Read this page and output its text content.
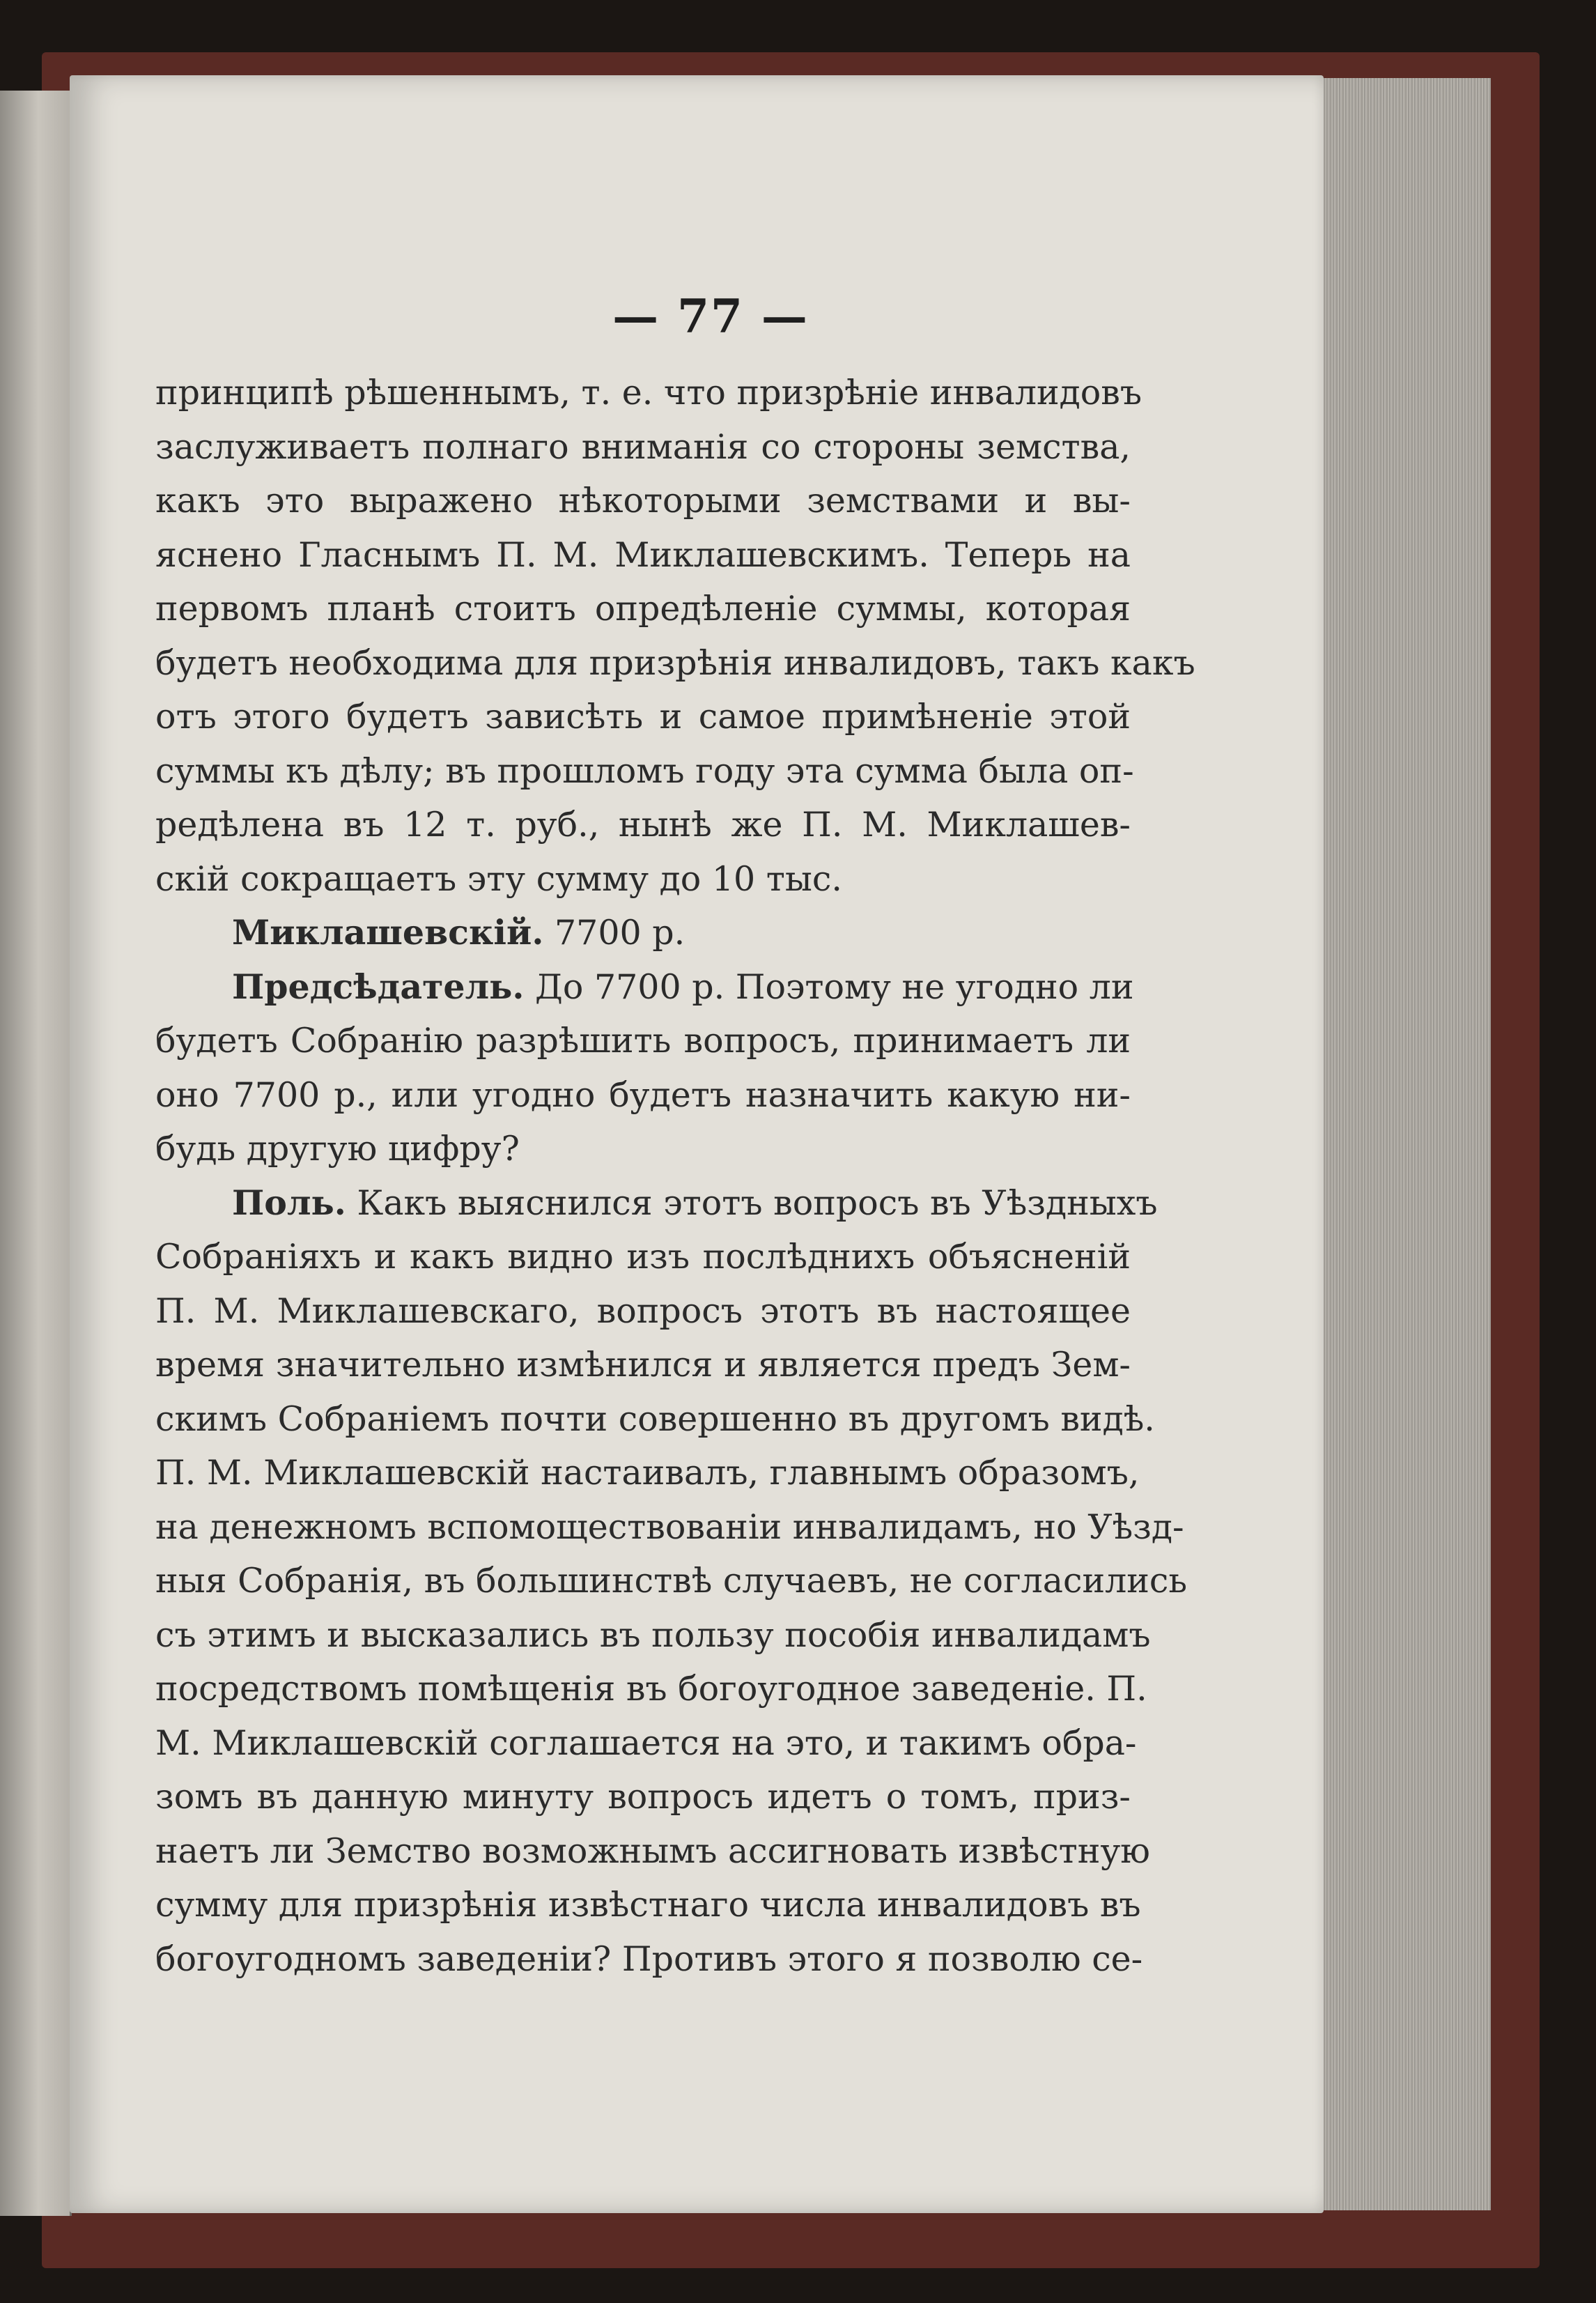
— 77 —
принципѣ рѣшеннымъ, т. е. что призрѣніе инвалидовъ
заслуживаетъ полнаго вниманія со стороны земства,
какъ это выражено нѣкоторыми земствами и вы-
яснено Гласнымъ П. М. Миклашевскимъ. Теперь на
первомъ планѣ стоитъ опредѣленіе суммы, которая
будетъ необходима для призрѣнія инвалидовъ, такъ какъ
отъ этого будетъ зависѣть и самое примѣненіе этой
суммы къ дѣлу; въ прошломъ году эта сумма была оп-
редѣлена въ 12 т. руб., нынѣ же П. М. Миклашев-
скій сокращаетъ эту сумму до 10 тыс.
Миклашевскій. 7700 р.
Предсѣдатель. До 7700 р. Поэтому не угодно ли
будетъ Собранію разрѣшить вопросъ, принимаетъ ли
оно 7700 р., или угодно будетъ назначить какую ни-
будь другую цифру?
Поль. Какъ выяснился этотъ вопросъ въ Уѣздныхъ
Собраніяхъ и какъ видно изъ послѣднихъ объясненій
П. М. Миклашевскаго, вопросъ этотъ въ настоящее
время значительно измѣнился и является предъ Зем-
скимъ Собраніемъ почти совершенно въ другомъ видѣ.
П. М. Миклашевскій настаивалъ, главнымъ образомъ,
на денежномъ вспомоществованіи инвалидамъ, но Уѣзд-
ныя Собранія, въ большинствѣ случаевъ, не согласились
съ этимъ и высказались въ пользу пособія инвалидамъ
посредствомъ помѣщенія въ богоугодное заведеніе. П.
М. Миклашевскій соглашается на это, и такимъ обра-
зомъ въ данную минуту вопросъ идетъ о томъ, приз-
наетъ ли Земство возможнымъ ассигновать извѣстную
сумму для призрѣнія извѣстнаго числа инвалидовъ въ
богоугодномъ заведеніи? Противъ этого я позволю се-
